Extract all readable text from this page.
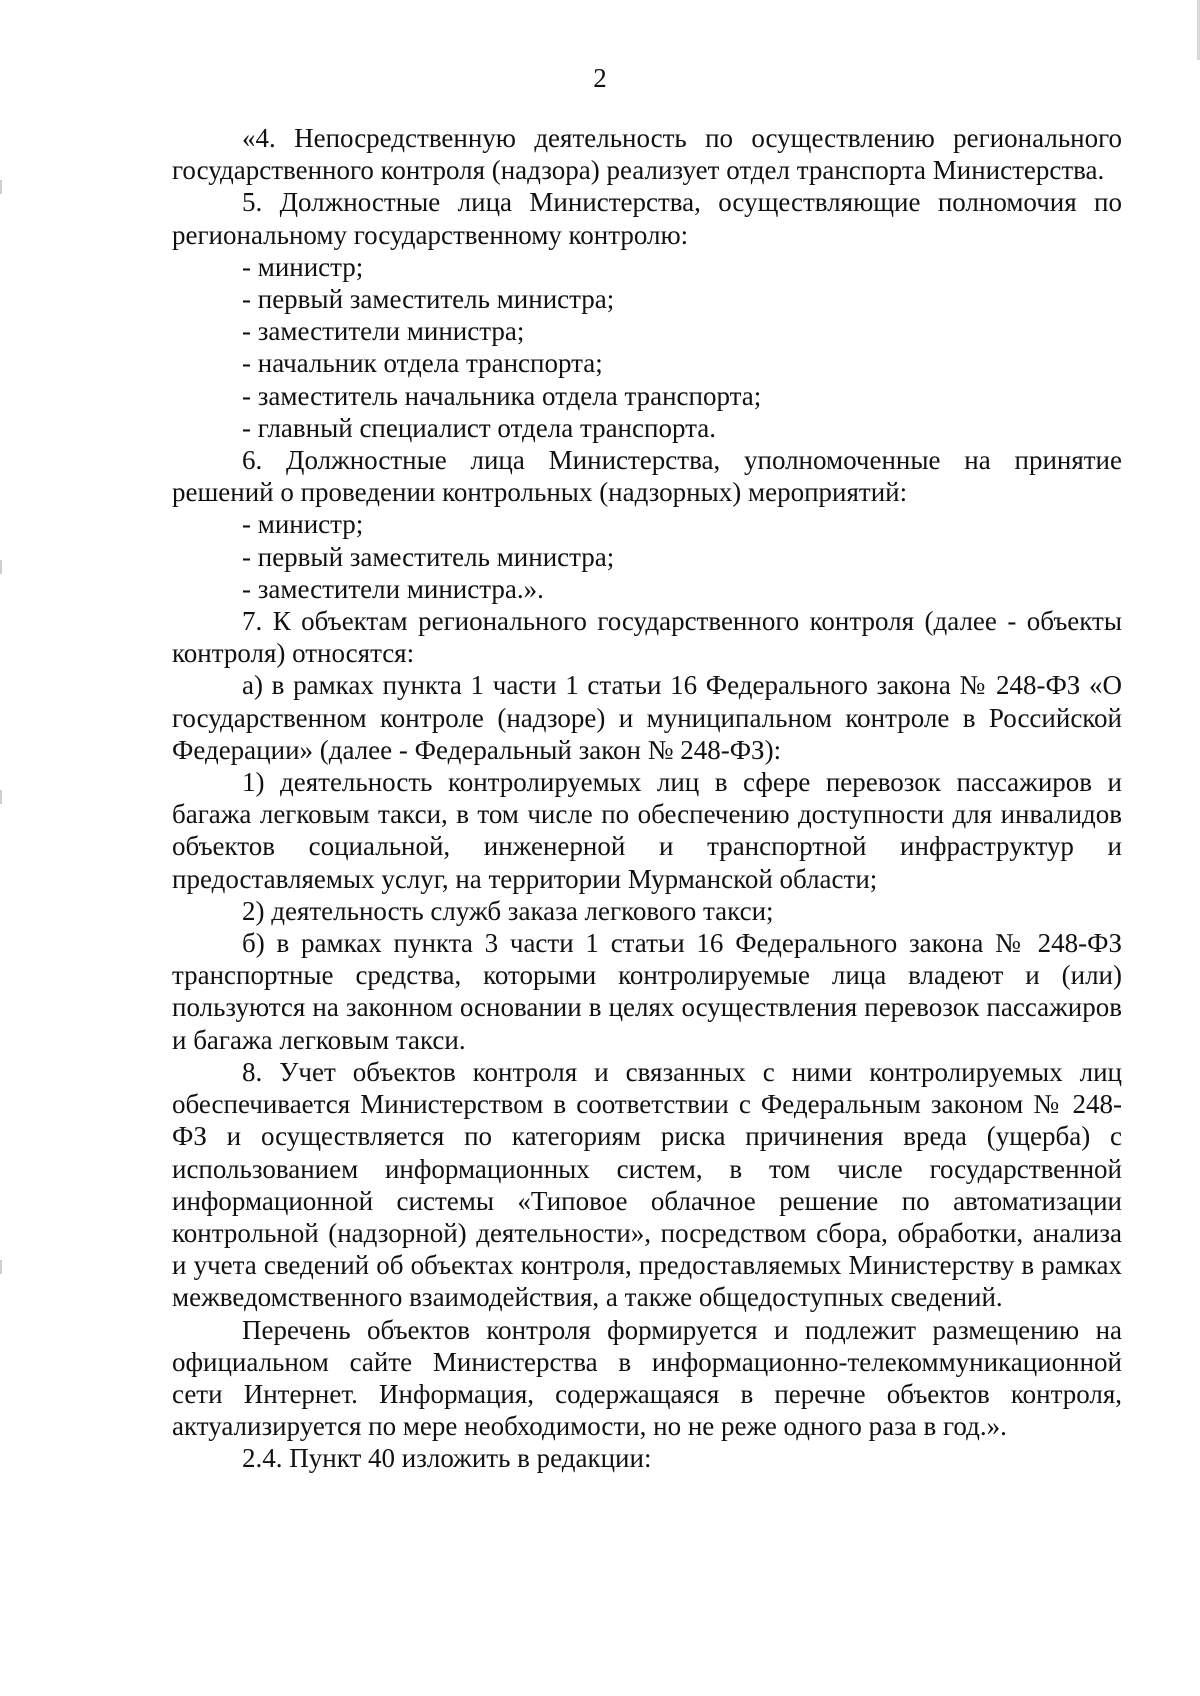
2

«4. Непосредственную деятельность по осуществлению регионального государственного контроля (надзора) реализует отдел транспорта Министерства.

5. Должностные лица Министерства, осуществляющие полномочия по региональному государственному контролю:

- министр;

- первый заместитель министра;

- заместители министра;

- начальник отдела транспорта;

- заместитель начальника отдела транспорта;

- главный специалист отдела транспорта.

6. Должностные лица Министерства, уполномоченные на принятие решений о проведении контрольных (надзорных) мероприятий:

- министр;

- первый заместитель министра;

- заместители министра.».

7. К объектам регионального государственного контроля (далее - объекты контроля) относятся:

а) в рамках пункта 1 части 1 статьи 16 Федерального закона № 248-ФЗ «О государственном контроле (надзоре) и муниципальном контроле в Российской Федерации» (далее - Федеральный закон № 248-ФЗ):

1) деятельность контролируемых лиц в сфере перевозок пассажиров и багажа легковым такси, в том числе по обеспечению доступности для инвалидов объектов социальной, инженерной и транспортной инфраструктур и предоставляемых услуг, на территории Мурманской области;

2) деятельность служб заказа легкового такси;

б) в рамках пункта 3 части 1 статьи 16 Федерального закона № 248-ФЗ транспортные средства, которыми контролируемые лица владеют и (или) пользуются на законном основании в целях осуществления перевозок пассажиров и багажа легковым такси.

8. Учет объектов контроля и связанных с ними контролируемых лиц обеспечивается Министерством в соответствии с Федеральным законом № 248-ФЗ и осуществляется по категориям риска причинения вреда (ущерба) с использованием информационных систем, в том числе государственной информационной системы «Типовое облачное решение по автоматизации контрольной (надзорной) деятельности», посредством сбора, обработки, анализа и учета сведений об объектах контроля, предоставляемых Министерству в рамках межведомственного взаимодействия, а также общедоступных сведений.

Перечень объектов контроля формируется и подлежит размещению на официальном сайте Министерства в информационно-телекоммуникационной сети Интернет. Информация, содержащаяся в перечне объектов контроля, актуализируется по мере необходимости, но не реже одного раза в год.».

2.4. Пункт 40 изложить в редакции:
